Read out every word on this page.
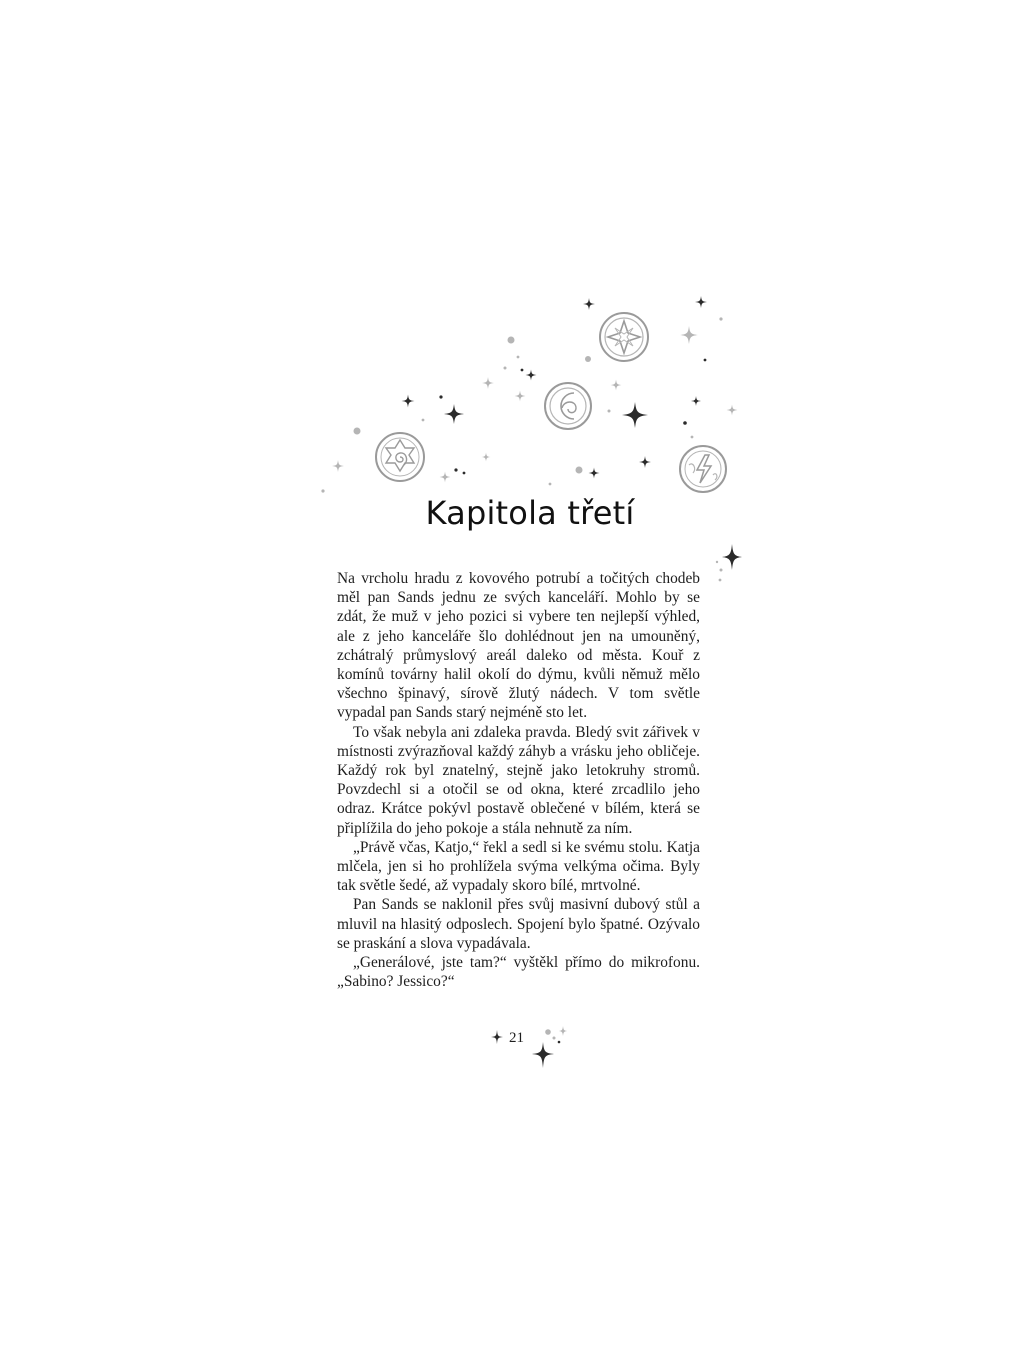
Kapitola třetí

Na vrcholu hradu z kovového potrubí a točitých chodeb měl pan Sands jednu ze svých kanceláří. Mohlo by se zdát, že muž v jeho pozici si vybere ten nejlepší výhled, ale z jeho kanceláře šlo dohlédnout jen na umouněný, zchátralý průmyslový areál daleko od města. Kouř z komínů továrny halil okolí do dýmu, kvůli němuž mělo všechno špinavý, sírově žlutý nádech. V tom světle vypadal pan Sands starý nejméně sto let.

To však nebyla ani zdaleka pravda. Bledý svit zářivek v místnosti zvýrazňoval každý záhyb a vrásku jeho obličeje. Každý rok byl znatelný, stejně jako letokruhy stromů. Povzdechl si a otočil se od okna, které zrcadlilo jeho odraz. Krátce pokývl postavě oblečené v bílém, která se připlížila do jeho pokoje a stála nehnutě za ním.

„Právě včas, Katjo,“ řekl a sedl si ke svému stolu. Katja mlčela, jen si ho prohlížela svýma velkýma očima. Byly tak světle šedé, až vypadaly skoro bílé, mrtvolné.

Pan Sands se naklonil přes svůj masivní dubový stůl a mluvil na hlasitý odposlech. Spojení bylo špatné. Ozývalo se praskání a slova vypadávala.

„Generálové, jste tam?“ vyštěkl přímo do mikrofonu. „Sabino? Jessico?“

21
